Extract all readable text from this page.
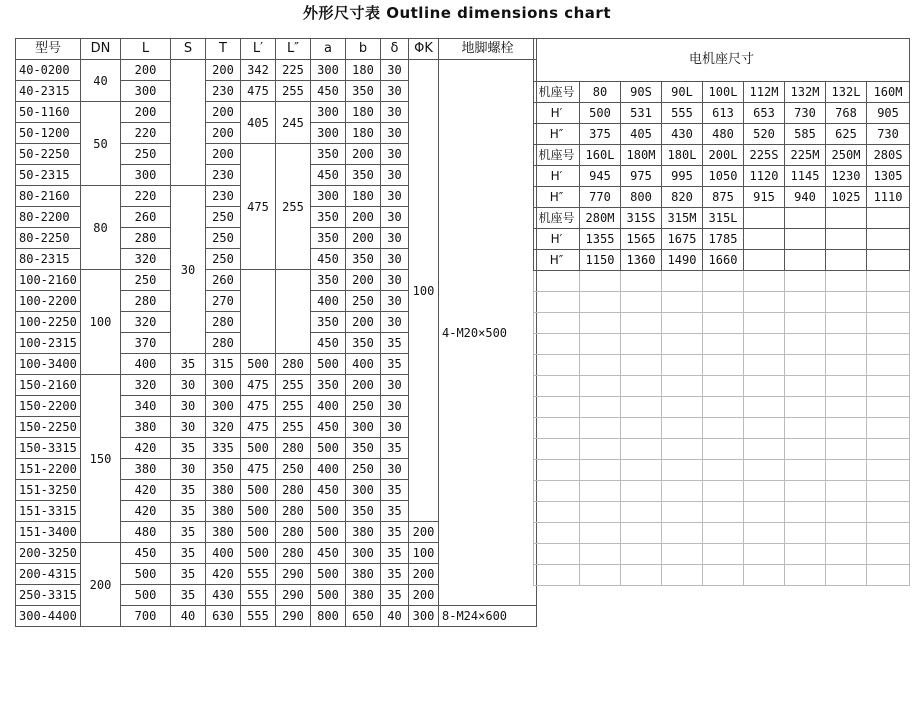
外形尺寸表 Outline dimensions chart
型号	DN	L	S	T	L′	L″	a	b	δ	ΦK	地脚螺栓
40-0200	40	200		200	342	225	300	180	30	100	4-M20×500
40-2315		300		230	475	255	450	350	30		
50-1160	50	200		200	405	245	300	180	30		
50-1200		220		200			300	180	30		
50-2250		250		200	475	255	350	200	30		
50-2315		300		230			450	350	30		
80-2160	80	220	30	230			300	180	30		
80-2200		260		250			350	200	30		
80-2250		280		250			350	200	30		
80-2315		320		250			450	350	30		
100-2160	100	250		260			350	200	30		
100-2200		280		270			400	250	30		
100-2250		320		280			350	200	30		
100-2315		370		280			450	350	35		
100-3400		400	35	315	500	280	500	400	35		
150-2160	150	320	30	300	475	255	350	200	30		
150-2200		340	30	300	475	255	400	250	30		
150-2250		380	30	320	475	255	450	300	30		
150-3315		420	35	335	500	280	500	350	35		
151-2200		380	30	350	475	250	400	250	30		
151-3250		420	35	380	500	280	450	300	35		
151-3315		420	35	380	500	280	500	350	35		
151-3400		480	35	380	500	280	500	380	35	200	
200-3250	200	450	35	400	500	280	450	300	35	100	
200-4315		500	35	420	555	290	500	380	35	200	
250-3315		500	35	430	555	290	500	380	35	200	
300-4400		700	40	630	555	290	800	650	40	300	8-M24×600
电机座尺寸								
机座号	80	90S	90L	100L	112M	132M	132L	160M
H′	500	531	555	613	653	730	768	905
H″	375	405	430	480	520	585	625	730
机座号	160L	180M	180L	200L	225S	225M	250M	280S
H′	945	975	995	1050	1120	1145	1230	1305
H″	770	800	820	875	915	940	1025	1110
机座号	280M	315S	315M	315L				
H′	1355	1565	1675	1785				
H″	1150	1360	1490	1660				
